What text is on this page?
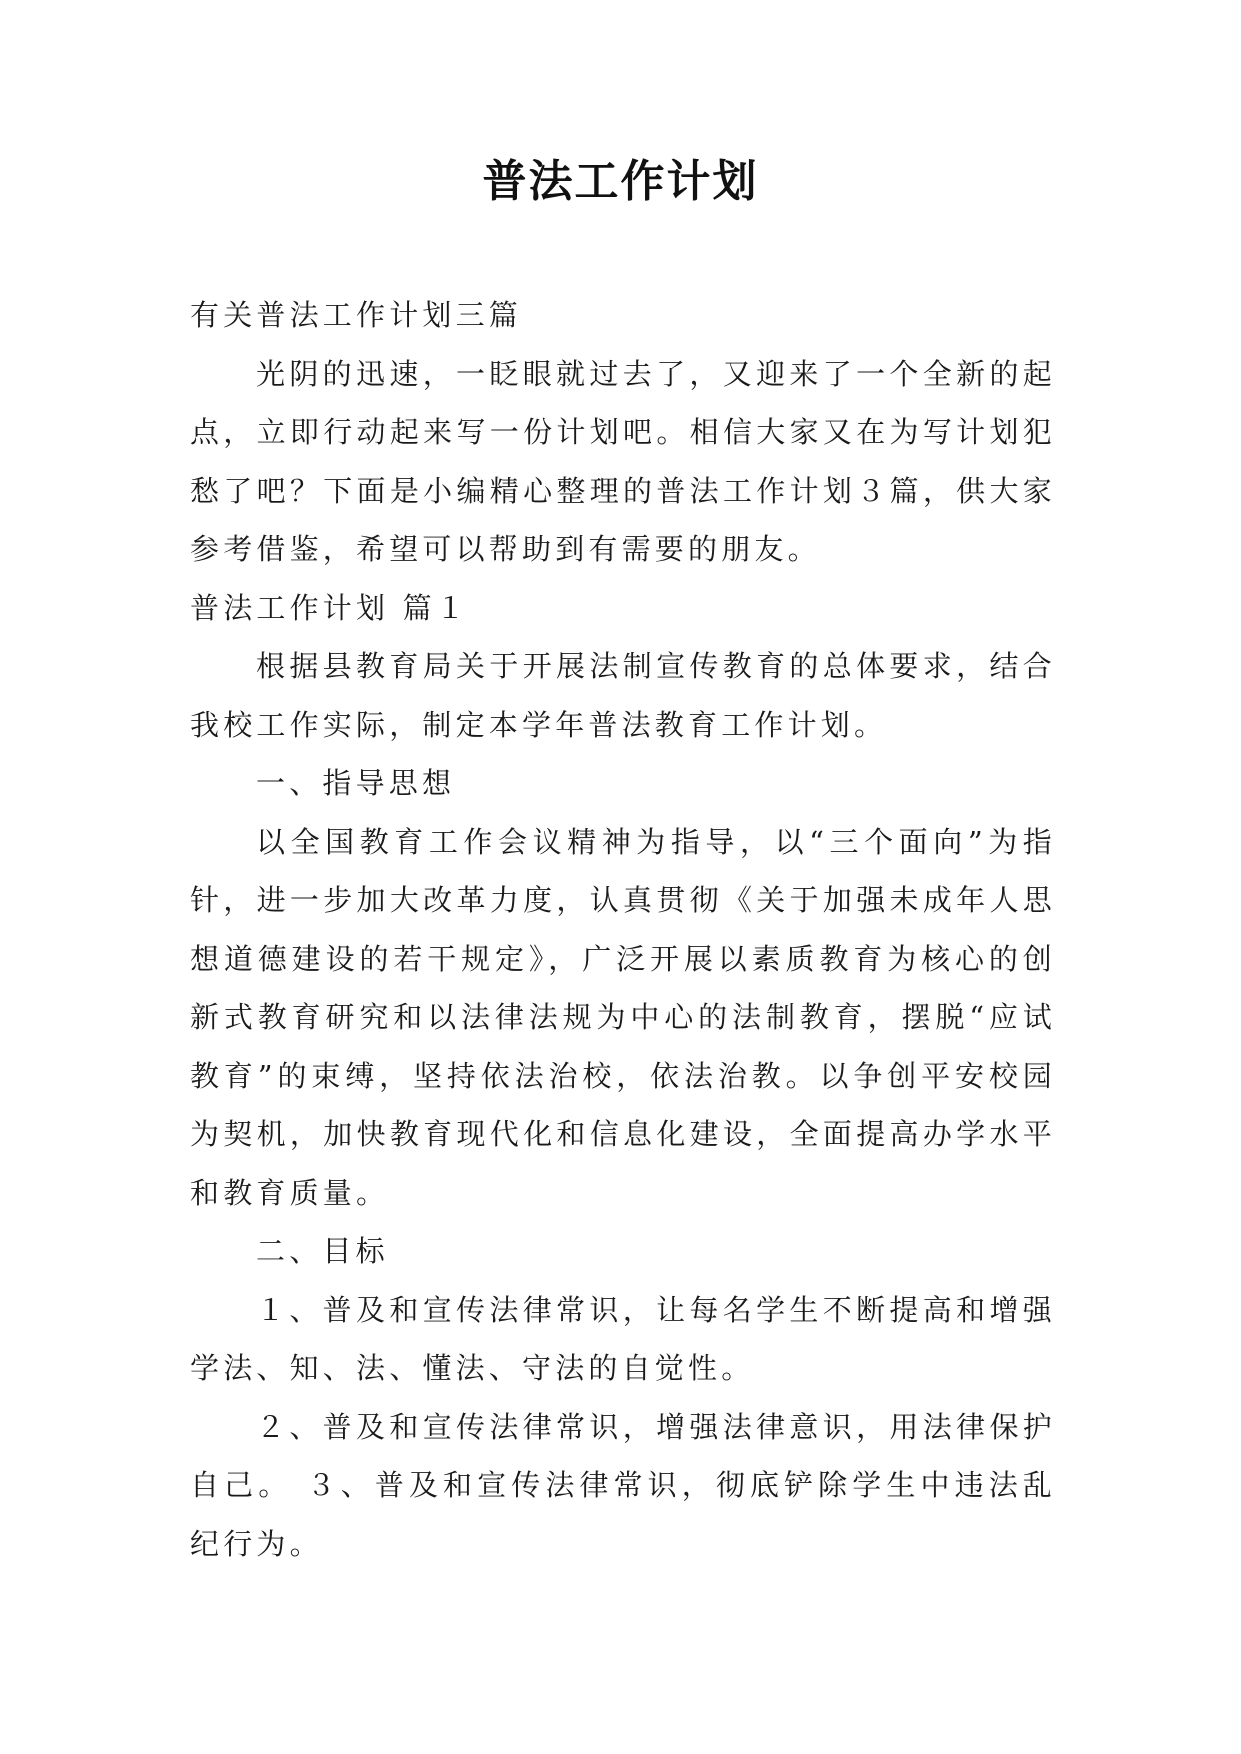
普法工作计划

有关普法工作计划三篇

光阴的迅速，一眨眼就过去了，又迎来了一个全新的起点，立即行动起来写一份计划吧。相信大家又在为写计划犯愁了吧？下面是小编精心整理的普法工作计划３篇，供大家参考借鉴，希望可以帮助到有需要的朋友。

普法工作计划 篇１

根据县教育局关于开展法制宣传教育的总体要求，结合我校工作实际，制定本学年普法教育工作计划。

一、指导思想

以全国教育工作会议精神为指导，以“三个面向”为指针，进一步加大改革力度，认真贯彻《关于加强未成年人思想道德建设的若干规定》，广泛开展以素质教育为核心的创新式教育研究和以法律法规为中心的法制教育，摆脱“应试教育”的束缚，坚持依法治校，依法治教。以争创平安校园为契机，加快教育现代化和信息化建设，全面提高办学水平和教育质量。

二、目标

１、普及和宣传法律常识，让每名学生不断提高和增强学法、知、法、懂法、守法的自觉性。

２、普及和宣传法律常识，增强法律意识，用法律保护自己。 ３、普及和宣传法律常识，彻底铲除学生中违法乱纪行为。
